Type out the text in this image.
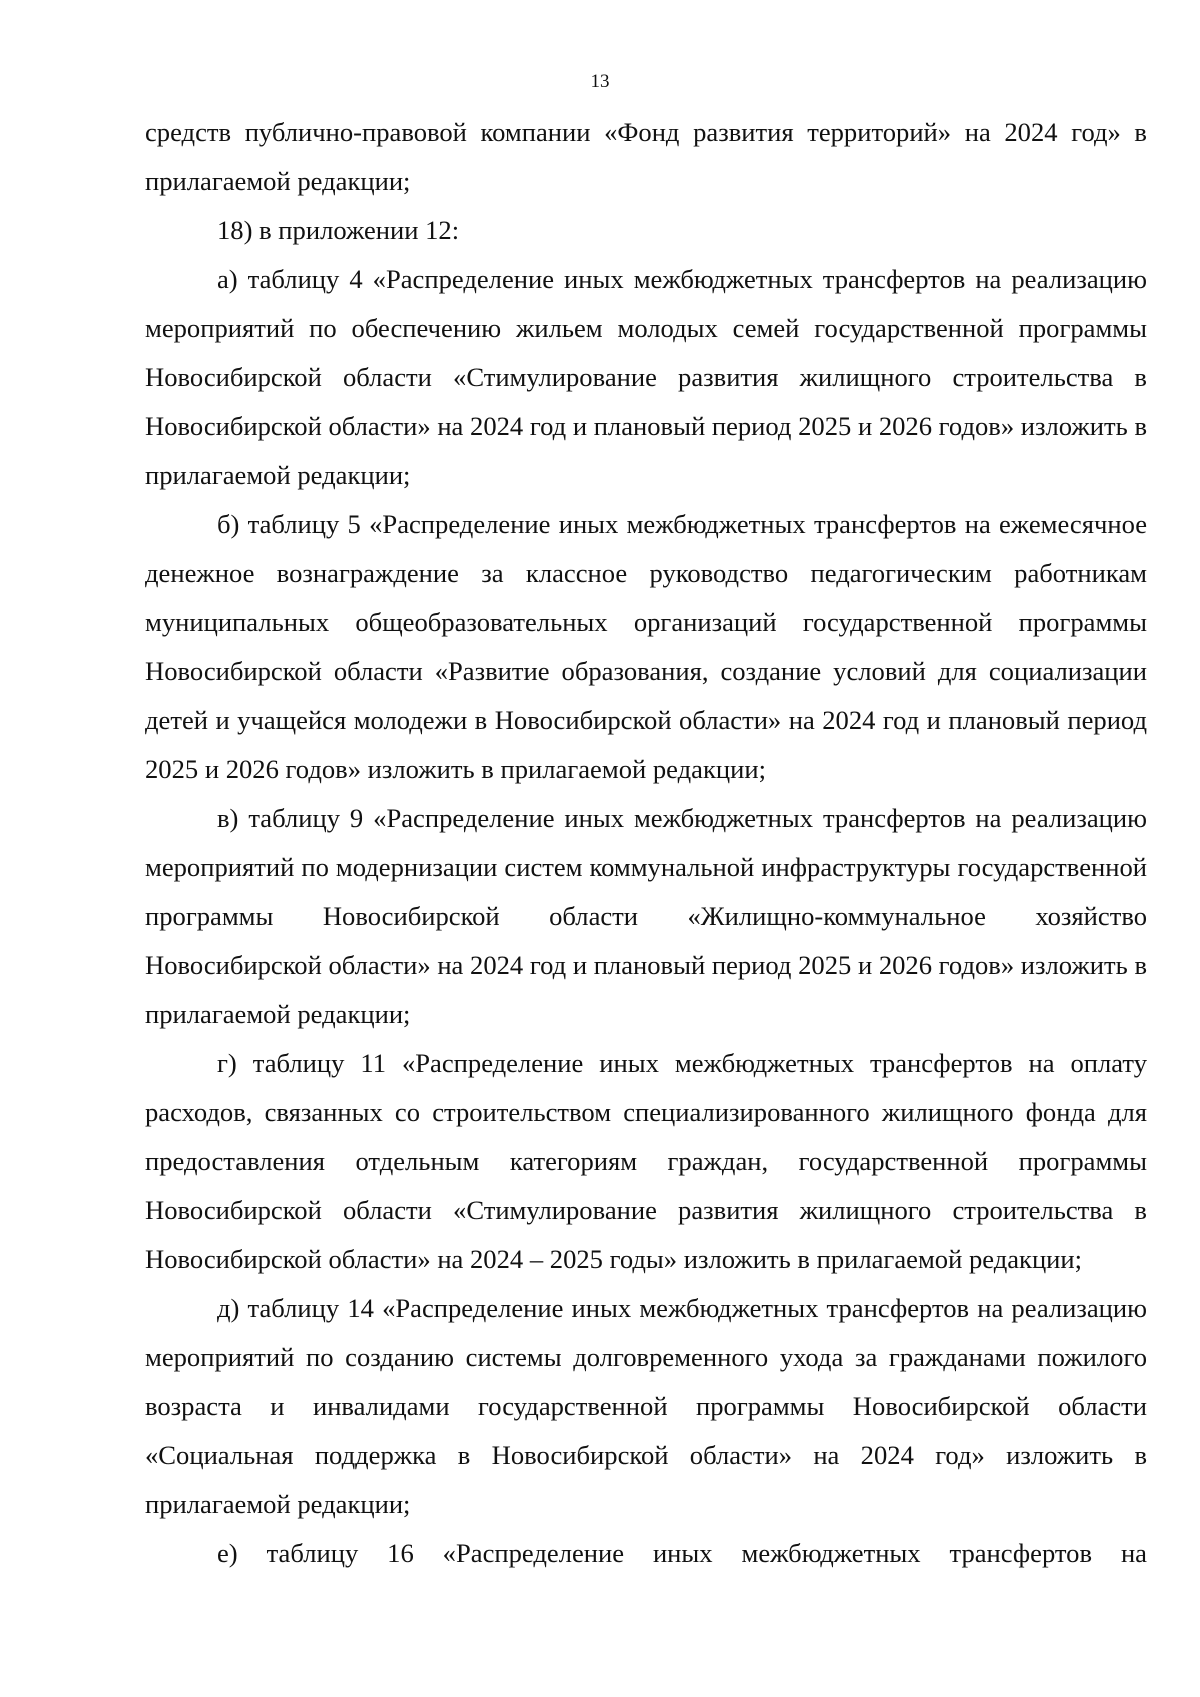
13

средств публично-правовой компании «Фонд развития территорий» на 2024 год» в прилагаемой редакции;

18) в приложении 12:

а) таблицу 4 «Распределение иных межбюджетных трансфертов на реализацию мероприятий по обеспечению жильем молодых семей государственной программы Новосибирской области «Стимулирование развития жилищного строительства в Новосибирской области» на 2024 год и плановый период 2025 и 2026 годов» изложить в прилагаемой редакции;

б) таблицу 5 «Распределение иных межбюджетных трансфертов на ежемесячное денежное вознаграждение за классное руководство педагогическим работникам муниципальных общеобразовательных организаций государственной программы Новосибирской области «Развитие образования, создание условий для социализации детей и учащейся молодежи в Новосибирской области» на 2024 год и плановый период 2025 и 2026 годов» изложить в прилагаемой редакции;

в) таблицу 9 «Распределение иных межбюджетных трансфертов на реализацию мероприятий по модернизации систем коммунальной инфраструктуры государственной программы Новосибирской области «Жилищно-коммунальное хозяйство Новосибирской области» на 2024 год и плановый период 2025 и 2026 годов» изложить в прилагаемой редакции;

г) таблицу 11 «Распределение иных межбюджетных трансфертов на оплату расходов, связанных со строительством специализированного жилищного фонда для предоставления отдельным категориям граждан, государственной программы Новосибирской области «Стимулирование развития жилищного строительства в Новосибирской области» на 2024 – 2025 годы» изложить в прилагаемой редакции;

д) таблицу 14 «Распределение иных межбюджетных трансфертов на реализацию мероприятий по созданию системы долговременного ухода за гражданами пожилого возраста и инвалидами государственной программы Новосибирской области «Социальная поддержка в Новосибирской области» на 2024 год» изложить в прилагаемой редакции;

е) таблицу 16 «Распределение иных межбюджетных трансфертов на
